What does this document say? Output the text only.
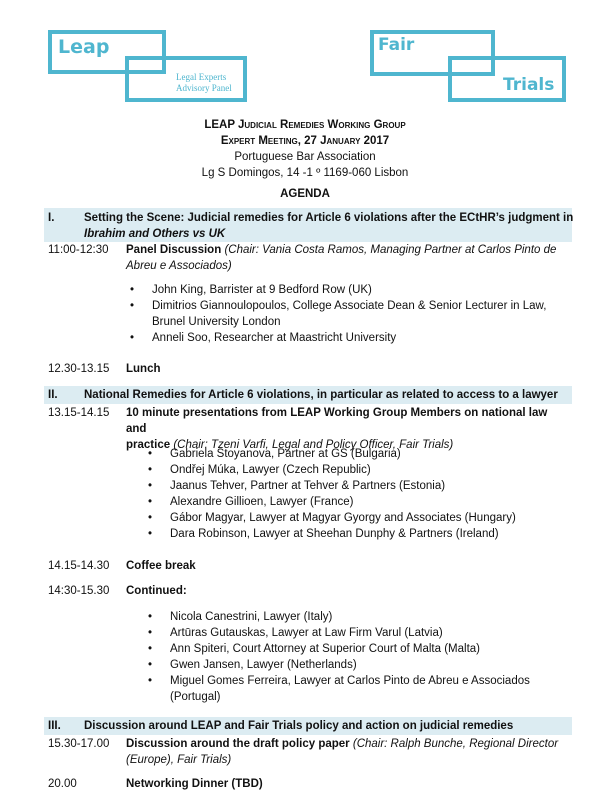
Leap
Legal Experts
Advisory Panel
Fair
Trials
LEAP Judicial Remedies Working Group
Expert Meeting, 27 January 2017
Portuguese Bar Association
Lg S Domingos, 14 -1 º 1169-060 Lisbon
AGENDA
I.	Setting the Scene: Judicial remedies for Article 6 violations after the ECtHR’s judgment in
Ibrahim and Others vs UK
11:00-12:30	Panel Discussion (Chair: Vania Costa Ramos, Managing Partner at Carlos Pinto de
Abreu e Associados)
• John King, Barrister at 9 Bedford Row (UK)
• Dimitrios Giannoulopoulos, College Associate Dean & Senior Lecturer in Law, Brunel University London
• Anneli Soo, Researcher at Maastricht University
12.30-13.15	Lunch
II. National Remedies for Article 6 violations, in particular as related to access to a lawyer
13.15-14.15	10 minute presentations from LEAP Working Group Members on national law and
practice (Chair: Tzeni Varfi, Legal and Policy Officer, Fair Trials)
• Gabriela Stoyanova, Partner at GS (Bulgaria)
• Ondřej Múka, Lawyer (Czech Republic)
• Jaanus Tehver, Partner at Tehver & Partners (Estonia)
• Alexandre Gillioen, Lawyer (France)
• Gábor Magyar, Lawyer at Magyar Gyorgy and Associates (Hungary)
• Dara Robinson, Lawyer at Sheehan Dunphy & Partners (Ireland)
14.15-14.30	Coffee break
14:30-15.30	Continued:
• Nicola Canestrini, Lawyer (Italy)
• Artūras Gutauskas, Lawyer at Law Firm Varul (Latvia)
• Ann Spiteri, Court Attorney at Superior Court of Malta (Malta)
• Gwen Jansen, Lawyer (Netherlands)
• Miguel Gomes Ferreira, Lawyer at Carlos Pinto de Abreu e Associados (Portugal)
III. Discussion around LEAP and Fair Trials policy and action on judicial remedies
15.30-17.00	Discussion around the draft policy paper (Chair: Ralph Bunche, Regional Director
(Europe), Fair Trials)
20.00	Networking Dinner (TBD)
